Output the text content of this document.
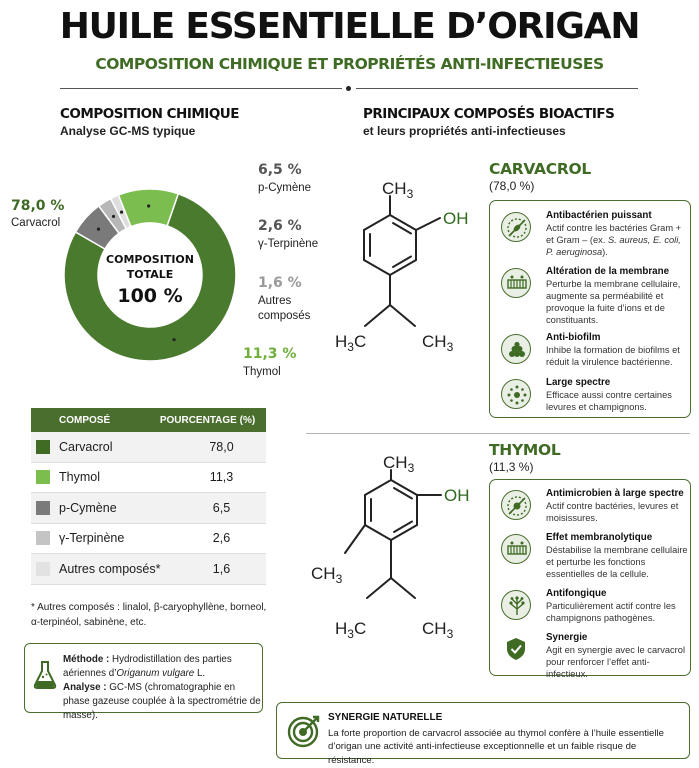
HUILE ESSENTIELLE D’ORIGAN
COMPOSITION CHIMIQUE ET PROPRIÉTÉS ANTI-INFECTIEUSES
COMPOSITION CHIMIQUE
Analyse GC-MS typique
COMPOSITION
TOTALE
100 %
78,0 %
Carvacrol
6,5 %
p-Cymène
2,6 %
γ-Terpinène
1,6 %
Autres
composés
11,3 %
Thymol
COMPOSÉ	POURCENTAGE (%)
Carvacrol	78,0
Thymol	11,3
p-Cymène	6,5
γ-Terpinène	2,6
Autres composés*	1,6
* Autres composés : linalol, β-caryophyllène, borneol, α-terpinéol, sabinène, etc.
Méthode : Hydrodistillation des parties aériennes d’Origanum vulgare L.
Analyse : GC-MS (chromatographie en phase gazeuse couplée à la spectrométrie de masse).
PRINCIPAUX COMPOSÉS BIOACTIFS
et leurs propriétés anti-infectieuses
CARVACROL
(78,0 %)
$CH_3$
OH
$H_3C$	$CH_3$
Antibactérien puissant
Actif contre les bactéries Gram + et Gram – (ex. S. aureus, E. coli, P. aeruginosa).
Altération de la membrane
Perturbe la membrane cellulaire, augmente sa perméabilité et provoque la fuite d’ions et de constituants.
Anti-biofilm
Inhibe la formation de biofilms et réduit la virulence bactérienne.
Large spectre
Efficace aussi contre certaines levures et champignons.
THYMOL
(11,3 %)
$CH_3$
OH
$CH_3$
$H_3C$	$CH_3$
Antimicrobien à large spectre
Actif contre bactéries, levures et moisissures.
Effet membranolytique
Déstabilise la membrane cellulaire et perturbe les fonctions essentielles de la cellule.
Antifongique
Particulièrement actif contre les champignons pathogènes.
Synergie
Agit en synergie avec le carvacrol pour renforcer l’effet anti-infectieux.
SYNERGIE NATURELLE
La forte proportion de carvacrol associée au thymol confère à l’huile essentielle d’origan une activité anti-infectieuse exceptionnelle et un faible risque de résistance.
